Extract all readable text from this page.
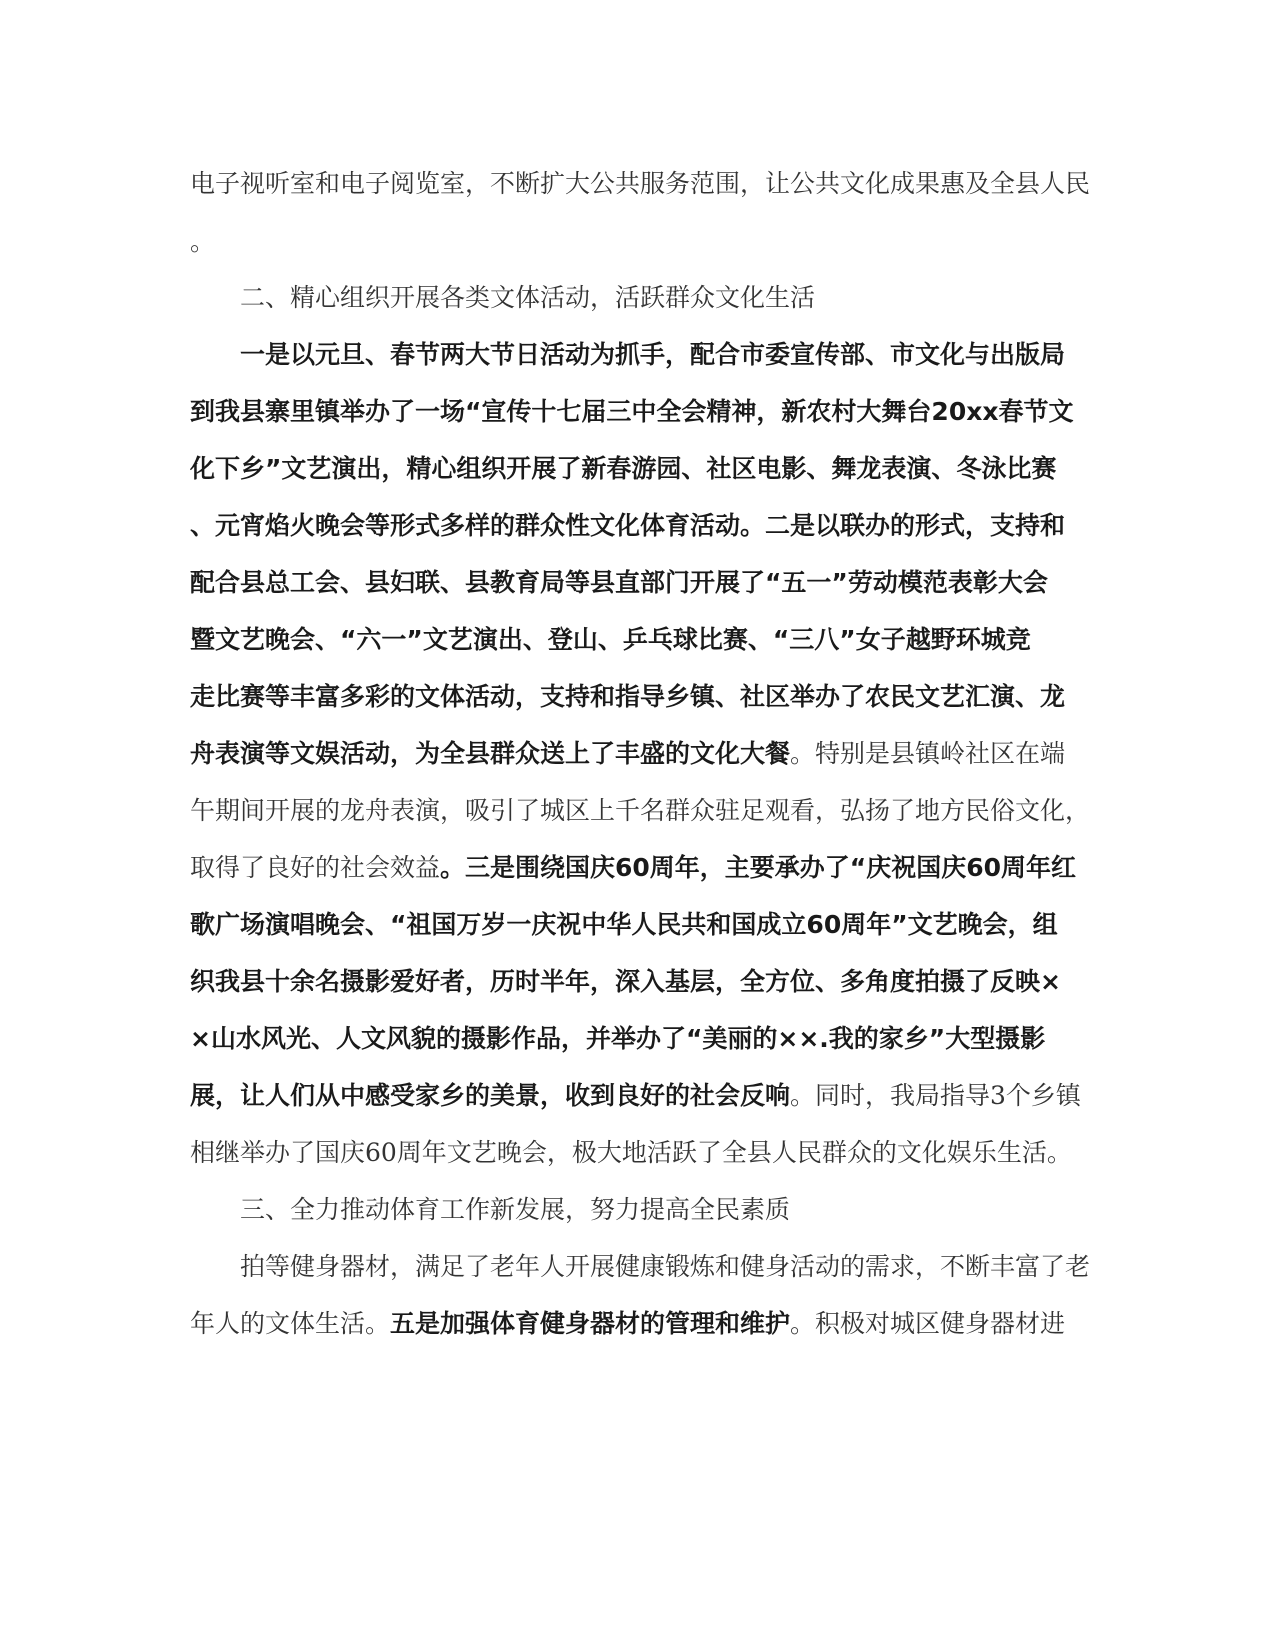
电子视听室和电子阅览室，不断扩大公共服务范围，让公共文化成果惠及全县人民
。
二、精心组织开展各类文体活动，活跃群众文化生活
一是以元旦、春节两大节日活动为抓手，配合市委宣传部、市文化与出版局
到我县寨里镇举办了一场“宣传十七届三中全会精神，新农村大舞台20xx春节文
化下乡”文艺演出，精心组织开展了新春游园、社区电影、舞龙表演、冬泳比赛
、元宵焰火晚会等形式多样的群众性文化体育活动。二是以联办的形式，支持和
配合县总工会、县妇联、县教育局等县直部门开展了“五一”劳动模范表彰大会
暨文艺晚会、“六一”文艺演出、登山、乒乓球比赛、“三八”女子越野环城竞
走比赛等丰富多彩的文体活动，支持和指导乡镇、社区举办了农民文艺汇演、龙
舟表演等文娱活动，为全县群众送上了丰盛的文化大餐。特别是县镇岭社区在端
午期间开展的龙舟表演，吸引了城区上千名群众驻足观看，弘扬了地方民俗文化，
取得了良好的社会效益。三是围绕国庆60周年，主要承办了“庆祝国庆60周年红
歌广场演唱晚会、“祖国万岁一庆祝中华人民共和国成立60周年”文艺晚会，组
织我县十余名摄影爱好者，历时半年，深入基层，全方位、多角度拍摄了反映×
×山水风光、人文风貌的摄影作品，并举办了“美丽的××.我的家乡”大型摄影
展，让人们从中感受家乡的美景，收到良好的社会反响。同时，我局指导3个乡镇
相继举办了国庆60周年文艺晚会，极大地活跃了全县人民群众的文化娱乐生活。
三、全力推动体育工作新发展，努力提高全民素质
拍等健身器材，满足了老年人开展健康锻炼和健身活动的需求，不断丰富了老
年人的文体生活。五是加强体育健身器材的管理和维护。积极对城区健身器材进
